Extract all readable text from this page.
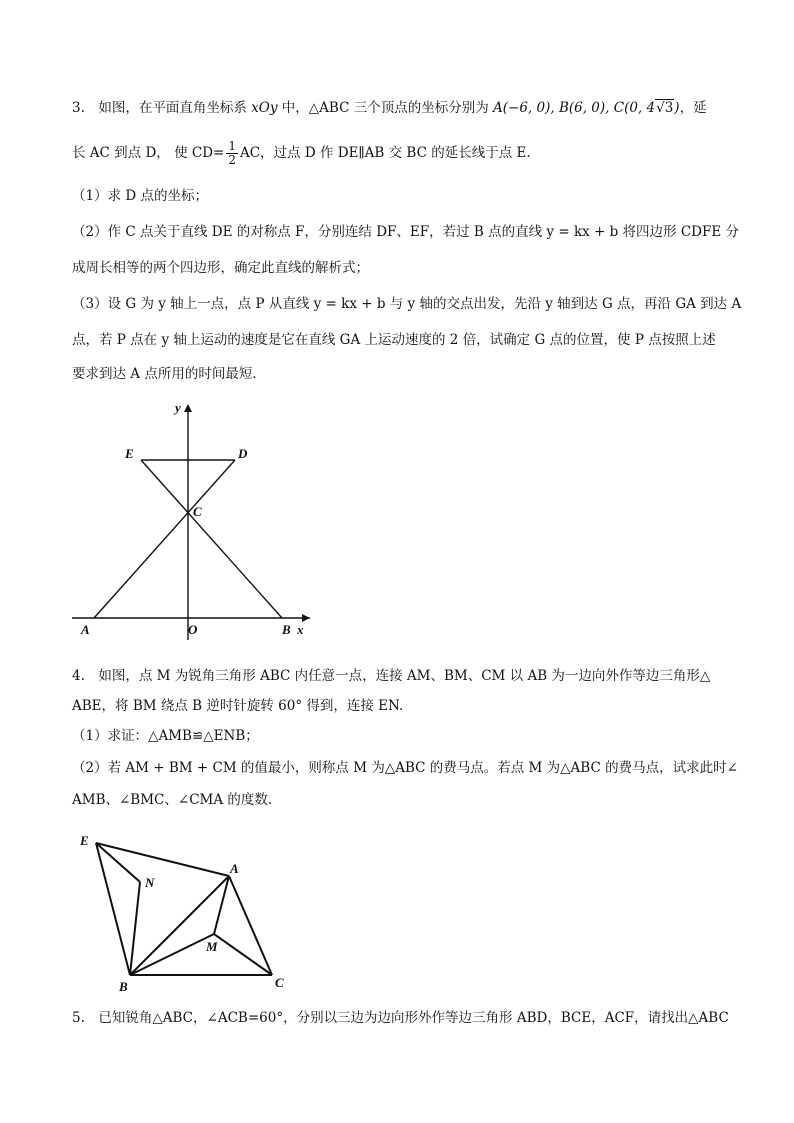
3. 如图，在平面直角坐标系 xOy 中，△ABC 三个顶点的坐标分别为 A(−6, 0), B(6, 0), C(0, 4√3)，延
长 AC 到点 D， 使 $CD= \frac{1}{2}$ AC，过点 D 作 DE∥AB 交 BC 的延长线于点 E.
（1）求 D 点的坐标；
（2）作 C 点关于直线 DE 的对称点 F，分别连结 DF、EF，若过 B 点的直线 y = kx + b 将四边形 CDFE 分
成周长相等的两个四边形，确定此直线的解析式；
（3）设 G 为 y 轴上一点，点 P 从直线 y = kx + b 与 y 轴的交点出发，先沿 y 轴到达 G 点，再沿 GA 到达 A
点，若 P 点在 y 轴上运动的速度是它在直线 GA 上运动速度的 2 倍，试确定 G 点的位置，使 P 点按照上述
要求到达 A 点所用的时间最短．
y
E	D
C
A	O	B x
4. 如图，点 M 为锐角三角形 ABC 内任意一点，连接 AM、BM、CM 以 AB 为一边向外作等边三角形△
ABE，将 BM 绕点 B 逆时针旋转 60° 得到，连接 EN.
（1）求证：△AMB≌△ENB；
（2）若 AM + BM + CM 的值最小，则称点 M 为△ABC 的费马点。若点 M 为△ABC 的费马点，试求此时∠
AMB、∠BMC、∠CMA 的度数.
E
N
A
M
B	C
5. 已知锐角△ABC，∠ACB=60°，分别以三边为边向形外作等边三角形 ABD，BCE，ACF，请找出△ABC
